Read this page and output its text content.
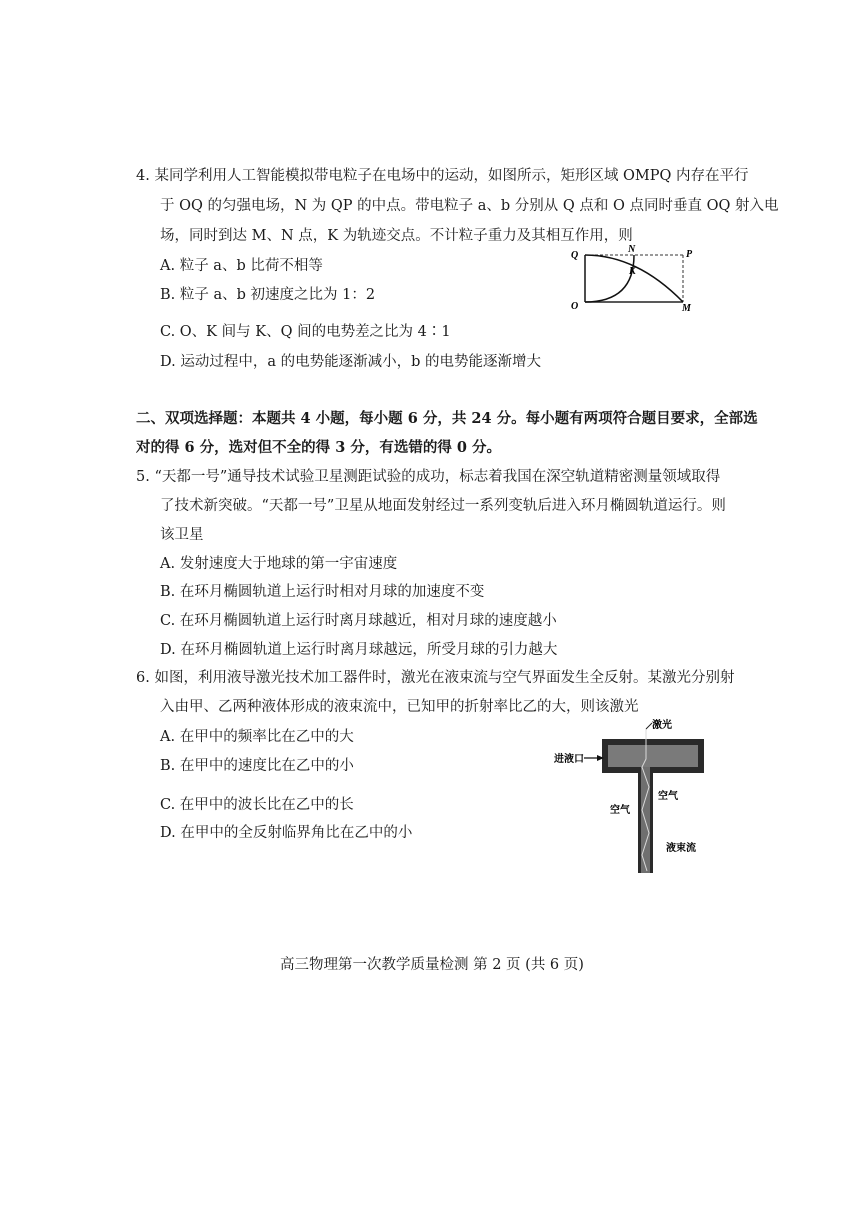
4. 某同学利用人工智能模拟带电粒子在电场中的运动，如图所示，矩形区域 OMPQ 内存在平行
于 OQ 的匀强电场，N 为 QP 的中点。带电粒子 a、b 分别从 Q 点和 O 点同时垂直 OQ 射入电
场，同时到达 M、N 点，K 为轨迹交点。不计粒子重力及其相互作用，则
A. 粒子 a、b 比荷不相等
B. 粒子 a、b 初速度之比为 1：2
C. O、K 间与 K、Q 间的电势差之比为 4∶1
D. 运动过程中，a 的电势能逐渐减小，b 的电势能逐渐增大
Q
N	P
K
O	M
二、双项选择题：本题共 4 小题，每小题 6 分，共 24 分。每小题有两项符合题目要求，全部选
对的得 6 分，选对但不全的得 3 分，有选错的得 0 分。
5. “天都一号”通导技术试验卫星测距试验的成功，标志着我国在深空轨道精密测量领域取得
了技术新突破。“天都一号”卫星从地面发射经过一系列变轨后进入环月椭圆轨道运行。则
该卫星
A. 发射速度大于地球的第一宇宙速度
B. 在环月椭圆轨道上运行时相对月球的加速度不变
C. 在环月椭圆轨道上运行时离月球越近，相对月球的速度越小
D. 在环月椭圆轨道上运行时离月球越远，所受月球的引力越大
6. 如图，利用液导激光技术加工器件时，激光在液束流与空气界面发生全反射。某激光分别射
入由甲、乙两种液体形成的液束流中，已知甲的折射率比乙的大，则该激光
A. 在甲中的频率比在乙中的大
B. 在甲中的速度比在乙中的小
C. 在甲中的波长比在乙中的长
D. 在甲中的全反射临界角比在乙中的小
激光
进液口
空气
空气
液束流
高三物理第一次教学质量检测 第 2 页 (共 6 页)
